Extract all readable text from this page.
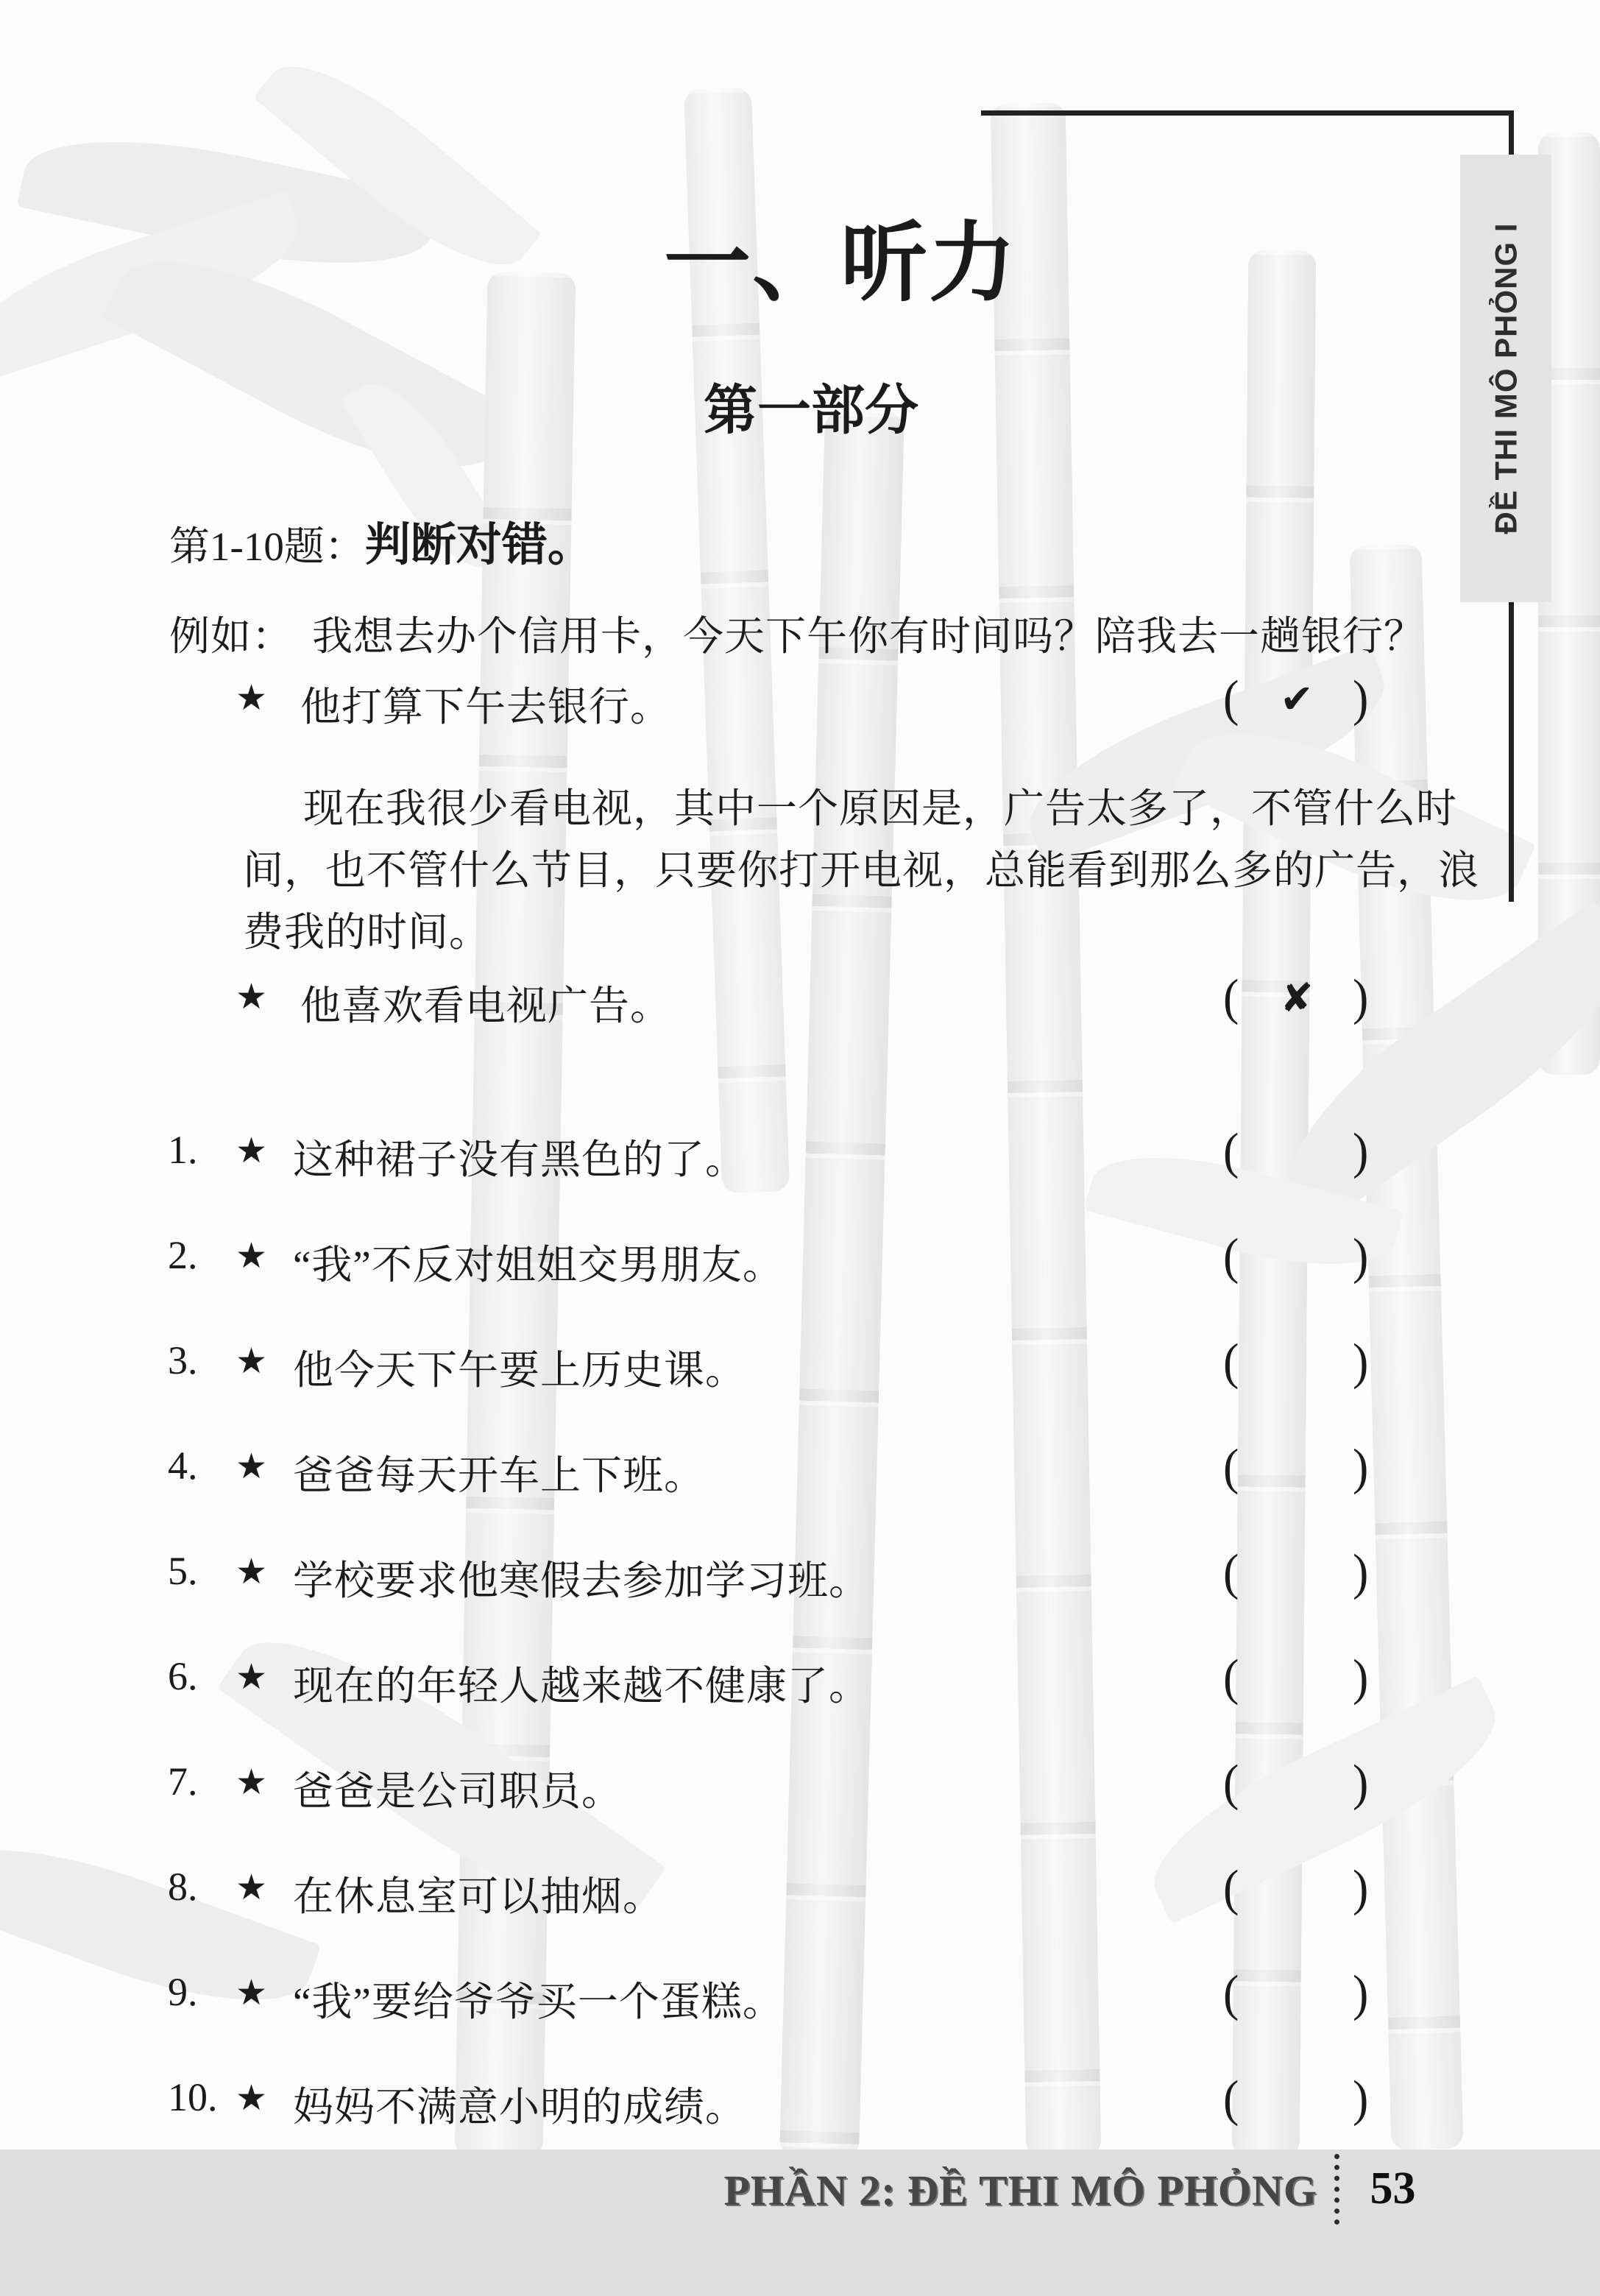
ĐỀ THI MÔ PHỎNG I
一、听力
第一部分
第1-10题：判断对错。
例如： 我想去办个信用卡，今天下午你有时间吗？陪我去一趟银行？
★ 他打算下午去银行。	(	✔ )
现在我很少看电视，其中一个原因是，广告太多了，不管什么时
间，也不管什么节目，只要你打开电视，总能看到那么多的广告，浪
费我的时间。
★ 他喜欢看电视广告。	(	✘ )
1. ★ 这种裙子没有黑色的了。	( )
2. ★ “我”不反对姐姐交男朋友。	( )
3. ★ 他今天下午要上历史课。	( )
4. ★ 爸爸每天开车上下班。	( )
5. ★ 学校要求他寒假去参加学习班。	( )
6. ★ 现在的年轻人越来越不健康了。	( )
7. ★ 爸爸是公司职员。	( )
8. ★ 在休息室可以抽烟。	( )
9. ★ “我”要给爷爷买一个蛋糕。	( )
10. ★ 妈妈不满意小明的成绩。	( )
PHẦN 2: ĐỀ THI MÔ PHỎNG 53
